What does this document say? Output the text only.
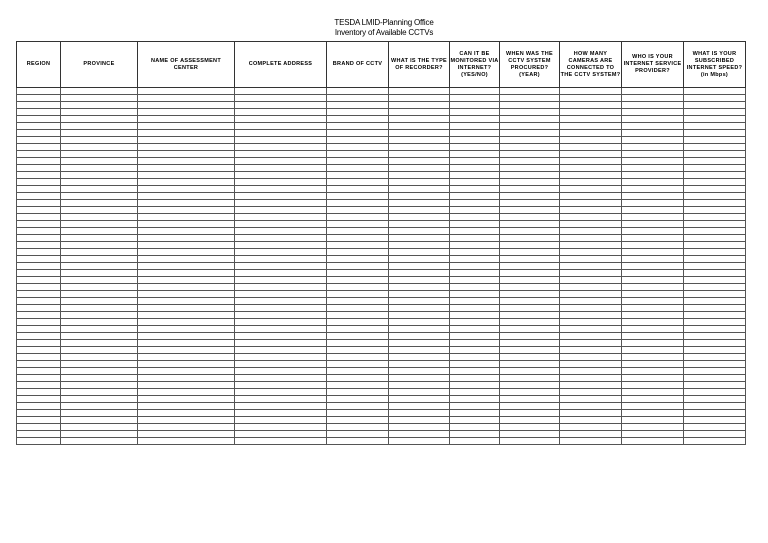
TESDA LMID-Planning Office
Inventory of Available CCTVs
REGION	PROVINCE	NAME OF ASSESSMENT CENTER	COMPLETE ADDRESS	BRAND OF CCTV	WHAT IS THE TYPE OF RECORDER?	CAN IT BE MONITORED VIA INTERNET? (YES/NO)	WHEN WAS THE CCTV SYSTEM PROCURED? (YEAR)	HOW MANY CAMERAS ARE CONNECTED TO THE CCTV SYSTEM?	WHO IS YOUR INTERNET SERVICE PROVIDER?	WHAT IS YOUR SUBSCRIBED INTERNET SPEED? (in Mbps)
